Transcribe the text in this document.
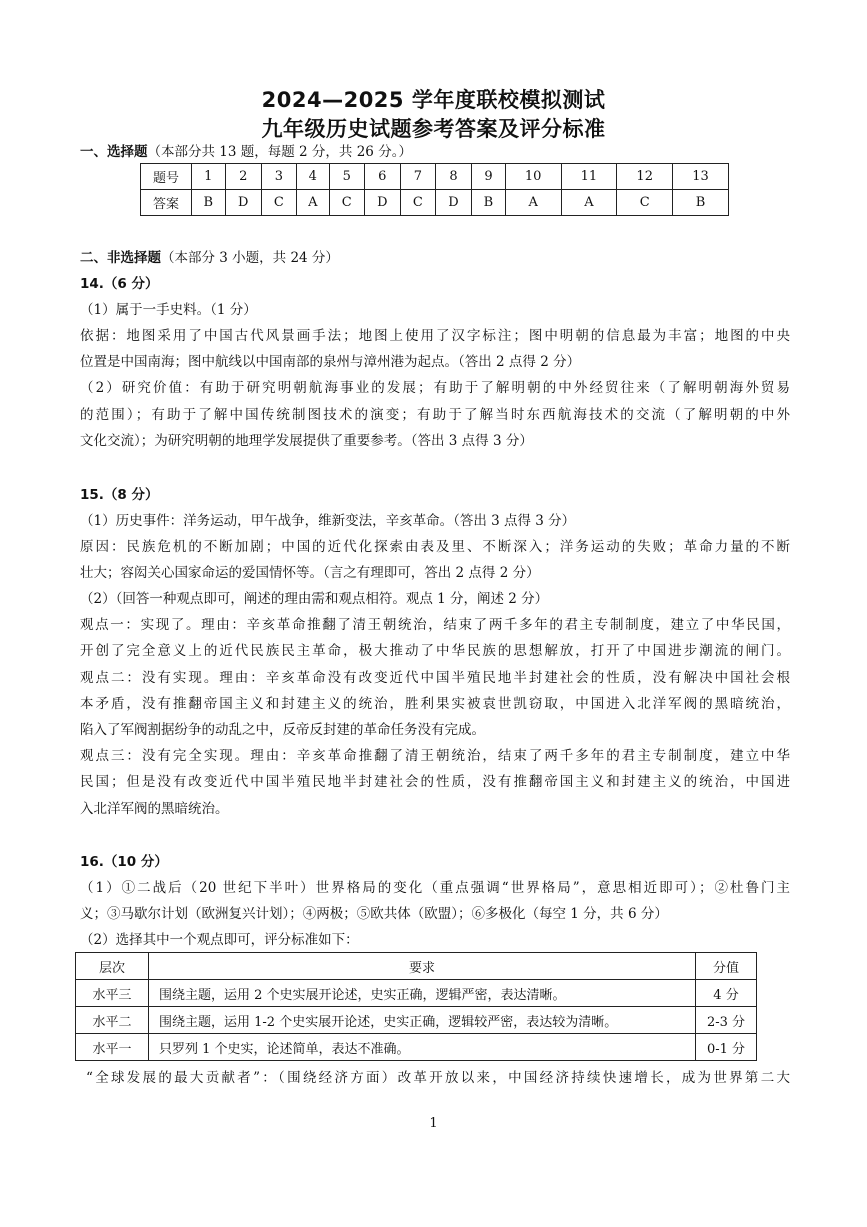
2024—2025 学年度联校模拟测试
九年级历史试题参考答案及评分标准
一、选择题（本部分共 13 题，每题 2 分，共 26 分。）
题号	1	2	3	4	5	6	7	8	9	10	11	12	13
答案	B	D	C	A	C	D	C	D	B	A	A	C	B
二、非选择题（本部分 3 小题，共 24 分）
14.（6 分）
（1）属于一手史料。（1 分）
依据：地图采用了中国古代风景画手法；地图上使用了汉字标注；图中明朝的信息最为丰富；地图的中央
位置是中国南海；图中航线以中国南部的泉州与漳州港为起点。（答出 2 点得 2 分）
（2）研究价值：有助于研究明朝航海事业的发展；有助于了解明朝的中外经贸往来（了解明朝海外贸易
的范围）；有助于了解中国传统制图技术的演变；有助于了解当时东西航海技术的交流（了解明朝的中外
文化交流）；为研究明朝的地理学发展提供了重要参考。（答出 3 点得 3 分）
15.（8 分）
（1）历史事件：洋务运动，甲午战争，维新变法，辛亥革命。（答出 3 点得 3 分）
原因：民族危机的不断加剧；中国的近代化探索由表及里、不断深入；洋务运动的失败；革命力量的不断
壮大；容闳关心国家命运的爱国情怀等。（言之有理即可，答出 2 点得 2 分）
（2）（回答一种观点即可，阐述的理由需和观点相符。观点 1 分，阐述 2 分）
观点一：实现了。理由：辛亥革命推翻了清王朝统治，结束了两千多年的君主专制制度，建立了中华民国，
开创了完全意义上的近代民族民主革命，极大推动了中华民族的思想解放，打开了中国进步潮流的闸门。
观点二：没有实现。理由：辛亥革命没有改变近代中国半殖民地半封建社会的性质，没有解决中国社会根
本矛盾，没有推翻帝国主义和封建主义的统治，胜利果实被袁世凯窃取，中国进入北洋军阀的黑暗统治，
陷入了军阀割据纷争的动乱之中，反帝反封建的革命任务没有完成。
观点三：没有完全实现。理由：辛亥革命推翻了清王朝统治，结束了两千多年的君主专制制度，建立中华
民国；但是没有改变近代中国半殖民地半封建社会的性质，没有推翻帝国主义和封建主义的统治，中国进
入北洋军阀的黑暗统治。
16.（10 分）
（1）①二战后（20 世纪下半叶）世界格局的变化（重点强调“世界格局”，意思相近即可）；②杜鲁门主
义；③马歇尔计划（欧洲复兴计划）；④两极；⑤欧共体（欧盟）；⑥多极化（每空 1 分，共 6 分）
（2）选择其中一个观点即可，评分标准如下：
层次	要求	分值
水平三	围绕主题，运用 2 个史实展开论述，史实正确，逻辑严密，表达清晰。	4 分
水平二	围绕主题，运用 1-2 个史实展开论述，史实正确，逻辑较严密，表达较为清晰。	2-3 分
水平一	只罗列 1 个史实，论述简单，表达不准确。	0-1 分
“全球发展的最大贡献者”：（围绕经济方面）改革开放以来，中国经济持续快速增长，成为世界第二大
1
